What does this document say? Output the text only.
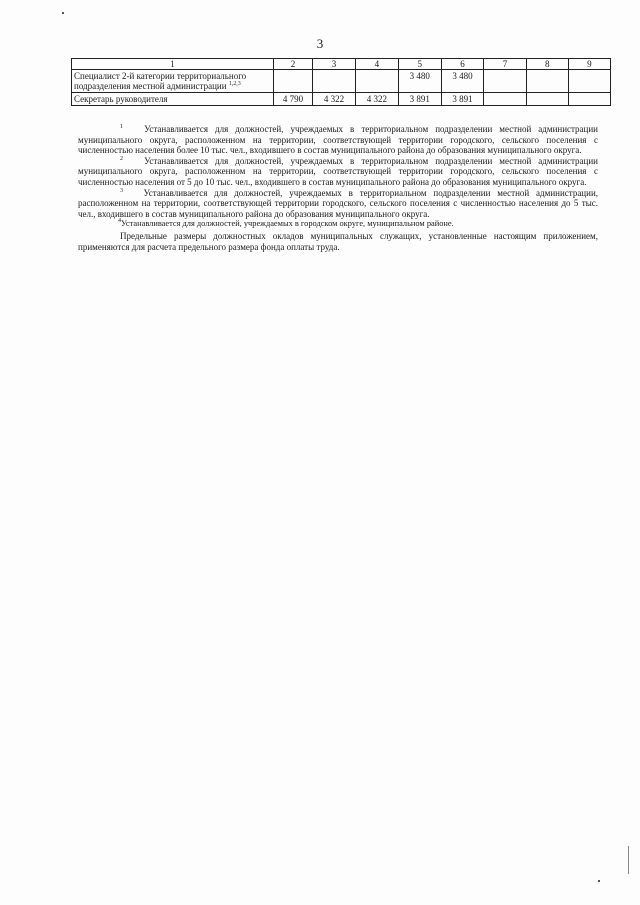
3
1	2	3	4	5	6	7	8	9
Специалист 2-й категории территориального подразделения местной администрации $^{1,2,3}$				3 480	3 480			
Секретарь руководителя	4 790	4 322	4 322	3 891	3 891			

$^1$ Устанавливается для должностей, учреждаемых в территориальном подразделении местной администрации муниципального округа, расположенном на территории, соответствующей территории городского, сельского поселения с численностью населения более 10 тыс. чел., входившего в состав муниципального района до образования муниципального округа.

$^2$ Устанавливается для должностей, учреждаемых в территориальном подразделении местной администрации муниципального округа, расположенном на территории, соответствующей территории городского, сельского поселения с численностью населения от 5 до 10 тыс. чел., входившего в состав муниципального района до образования муниципального округа.

$^3$ Устанавливается для должностей, учреждаемых в территориальном подразделении местной администрации, расположенном на территории, соответствующей территории городского, сельского поселения с численностью населения до 5 тыс. чел., входившего в состав муниципального района до образования муниципального округа.

$^4$Устанавливается для должностей, учреждаемых в городском округе, муниципальном районе.

Предельные размеры должностных окладов муниципальных служащих, установленные настоящим приложением, применяются для расчета предельного размера фонда оплаты труда.
